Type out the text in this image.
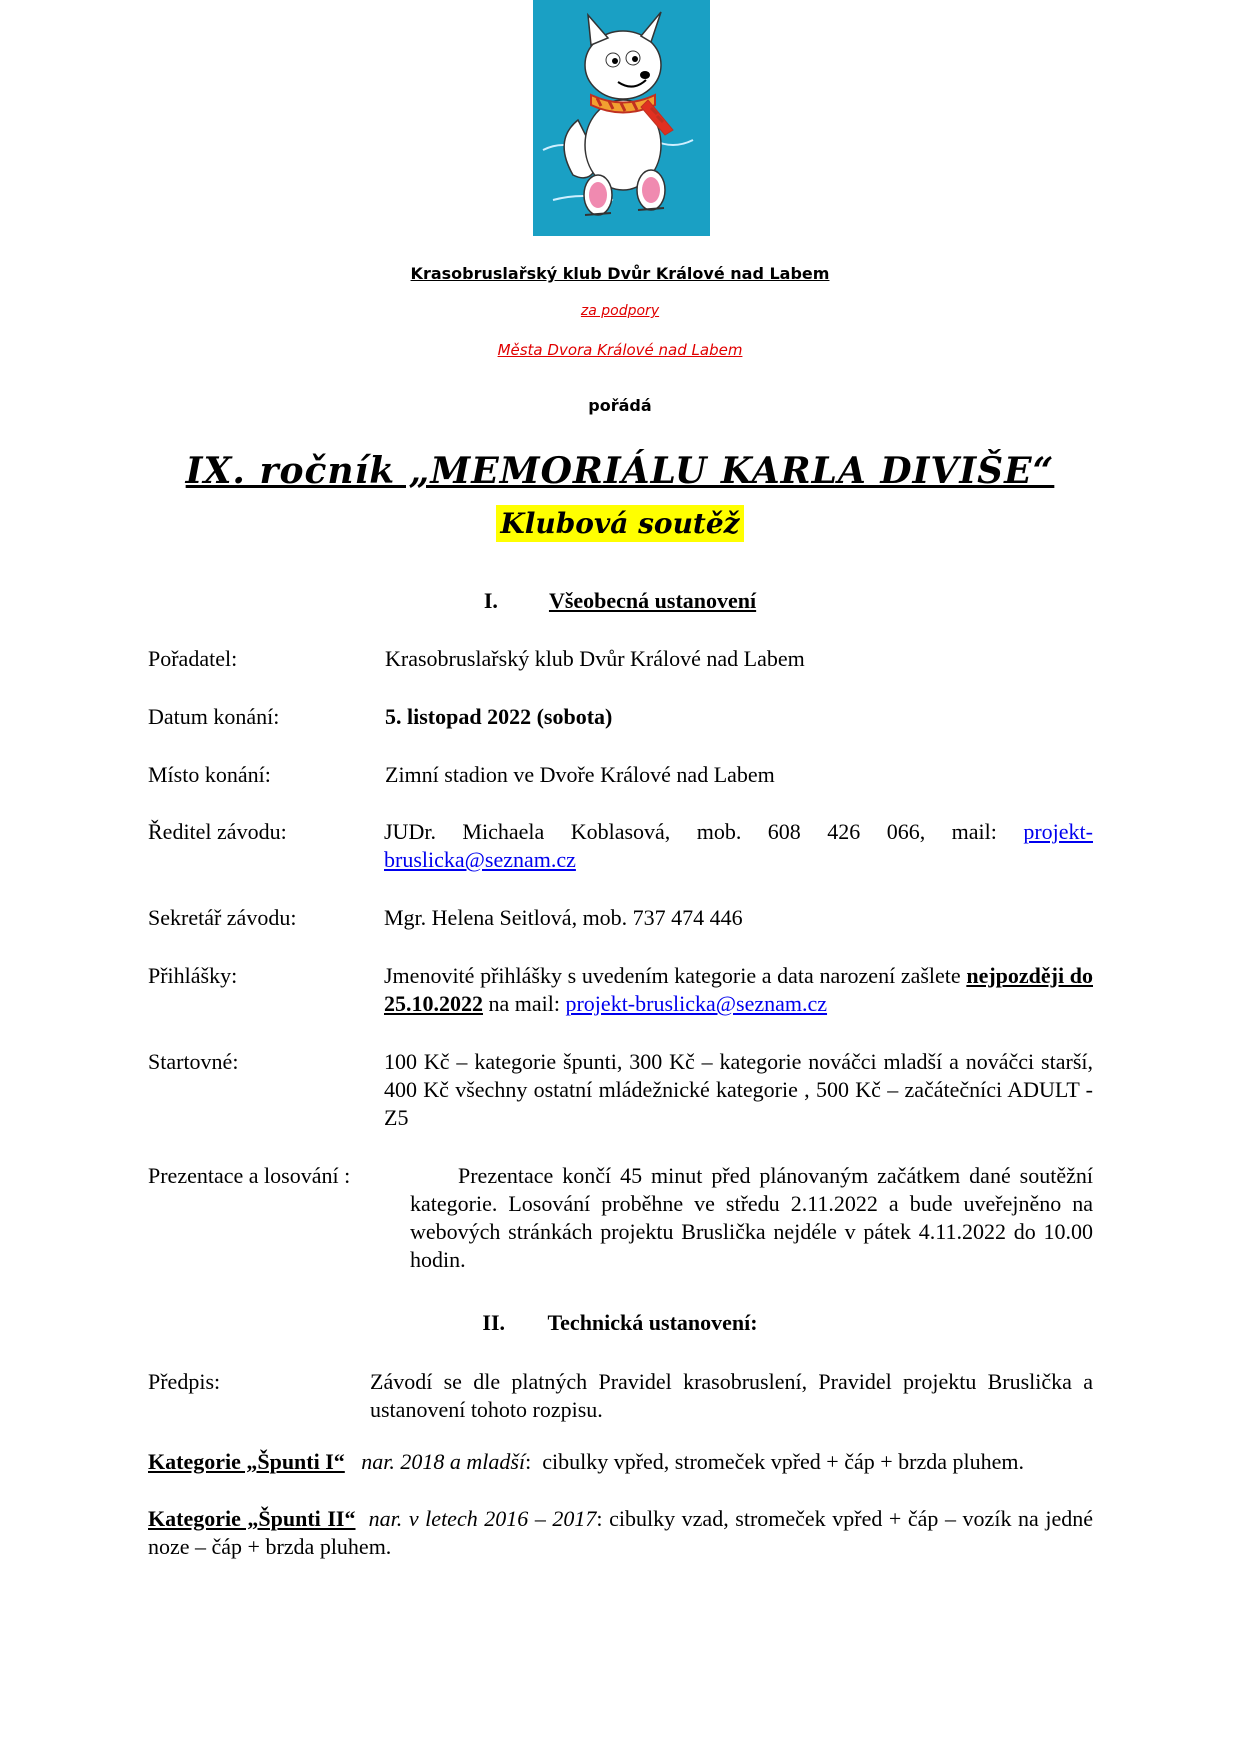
Krasobruslařský klub Dvůr Králové nad Labem
za podpory
Města Dvora Králové nad Labem
pořádá
IX. ročník „MEMORIÁLU KARLA DIVIŠE“
Klubová soutěž
I. Všeobecná ustanovení
Pořadatel:	Krasobruslařský klub Dvůr Králové nad Labem
Datum konání:	5. listopad 2022 (sobota)
Místo konání:	Zimní stadion ve Dvoře Králové nad Labem
Ředitel závodu:	JUDr. Michaela Koblasová, mob. 608 426 066, mail: projekt-bruslicka@seznam.cz
Sekretář závodu:	Mgr. Helena Seitlová, mob. 737 474 446
Přihlášky:	Jmenovité přihlášky s uvedením kategorie a data narození zašlete nejpozději do 25.10.2022 na mail: projekt-bruslicka@seznam.cz
Startovné:	100 Kč – kategorie špunti, 300 Kč – kategorie nováčci mladší a nováčci starší, 400 Kč všechny ostatní mládežnické kategorie , 500 Kč – začátečníci ADULT - Z5
Prezentace a losování :	Prezentace končí 45 minut před plánovaným začátkem dané soutěžní kategorie. Losování proběhne ve středu 2.11.2022 a bude uveřejněno na webových stránkách projektu Bruslička nejdéle v pátek 4.11.2022 do 10.00 hodin.
II. Technická ustanovení:
Předpis:	Závodí se dle platných Pravidel krasobruslení, Pravidel projektu Bruslička a ustanovení tohoto rozpisu.
Kategorie „Špunti I“ nar. 2018 a mladší:  cibulky vpřed, stromeček vpřed + čáp + brzda pluhem.
Kategorie „Špunti II“ nar. v letech 2016 – 2017: cibulky vzad, stromeček vpřed + čáp – vozík na jedné noze – čáp + brzda pluhem.
